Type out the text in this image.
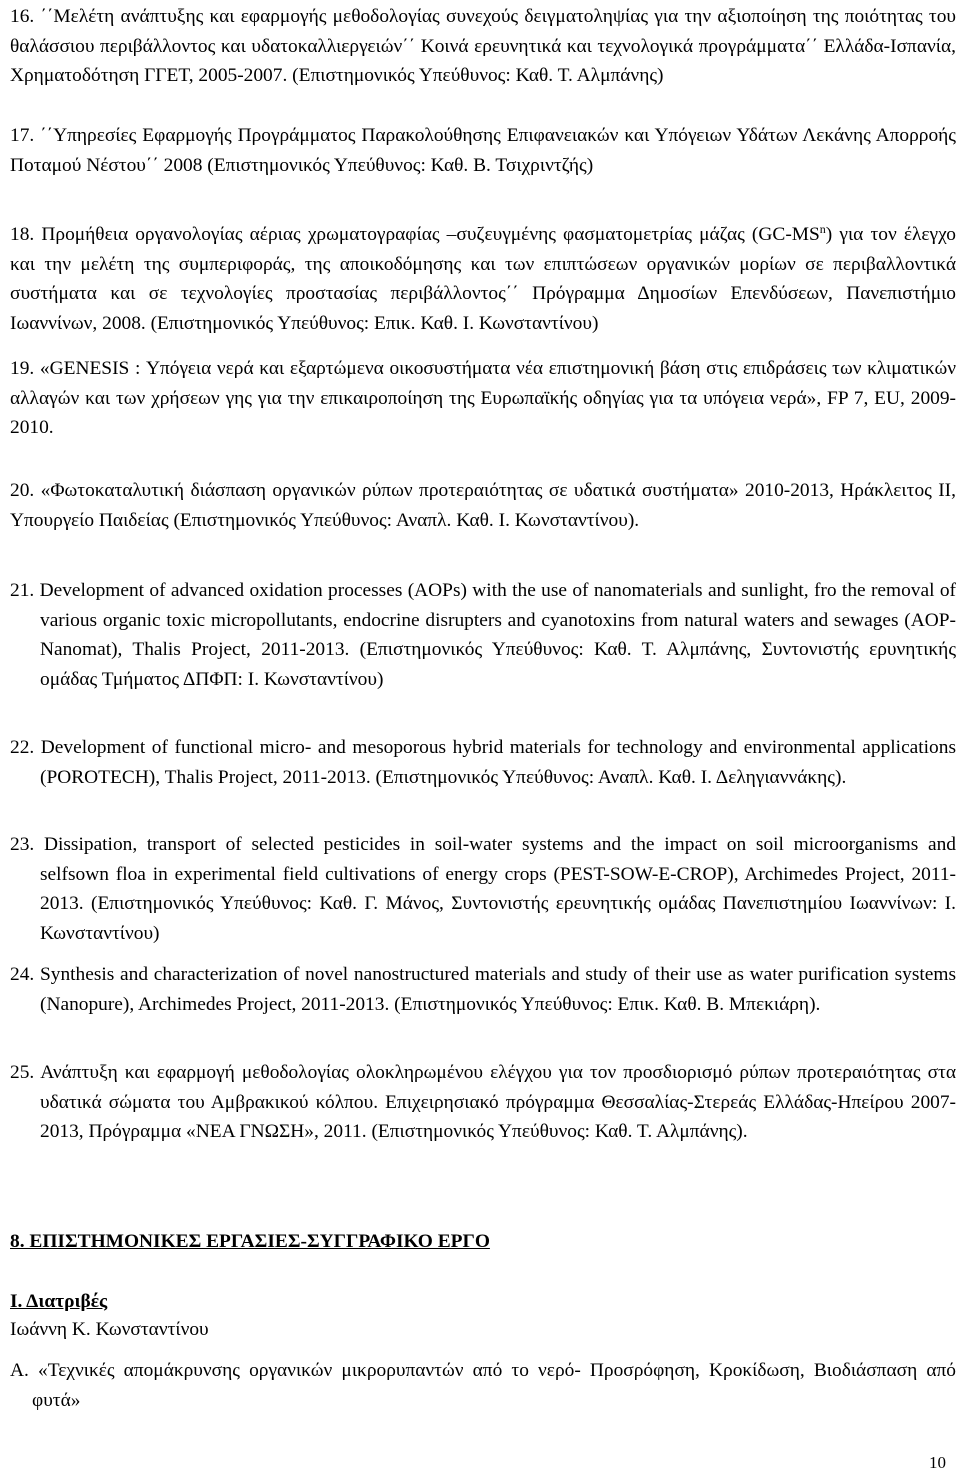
16. ΄΄Μελέτη ανάπτυξης και εφαρμογής μεθοδολογίας συνεχούς δειγματοληψίας για την αξιοποίηση της ποιότητας του θαλάσσιου περιβάλλοντος και υδατοκαλλιεργειών΄΄ Κοινά ερευνητικά και τεχνολογικά προγράμματα΄΄ Ελλάδα-Ισπανία, Χρηματοδότηση ΓΓΕΤ, 2005-2007. (Επιστημονικός Υπεύθυνος: Καθ. Τ. Αλμπάνης)
17. ΄΄Υπηρεσίες Εφαρμογής Προγράμματος Παρακολούθησης Επιφανειακών και Υπόγειων Υδάτων Λεκάνης Απορροής Ποταμού Νέστου΄΄ 2008 (Επιστημονικός Υπεύθυνος: Καθ. Β. Τσιχριντζής)
18. Προμήθεια οργανολογίας αέριας χρωματογραφίας –συζευγμένης φασματομετρίας μάζας $(GC-MS^n)$ για τον έλεγχο και την μελέτη της συμπεριφοράς, της αποικοδόμησης και των επιπτώσεων οργανικών μορίων σε περιβαλλοντικά συστήματα και σε τεχνολογίες προστασίας περιβάλλοντος΄΄ Πρόγραμμα Δημοσίων Επενδύσεων, Πανεπιστήμιο Ιωαννίνων, 2008. (Επιστημονικός Υπεύθυνος: Επικ. Καθ. Ι. Κωνσταντίνου)
19. «GENESIS : Υπόγεια νερά και εξαρτώμενα οικοσυστήματα νέα επιστημονική βάση στις επιδράσεις των κλιματικών αλλαγών και των χρήσεων γης για την επικαιροποίηση της Ευρωπαϊκής οδηγίας για τα υπόγεια νερά», FP 7, EU, 2009-2010.
20. «Φωτοκαταλυτική διάσπαση οργανικών ρύπων προτεραιότητας σε υδατικά συστήματα» 2010-2013, Ηράκλειτος ΙΙ, Υπουργείο Παιδείας (Επιστημονικός Υπεύθυνος: Αναπλ. Καθ. Ι. Κωνσταντίνου).
21. Development of advanced oxidation processes (AOPs) with the use of nanomaterials and sunlight, fro the removal of various organic toxic micropollutants, endocrine disrupters and cyanotoxins from natural waters and sewages (AOP-Nanomat), Thalis Project, 2011-2013. (Επιστημονικός Υπεύθυνος: Καθ. Τ. Αλμπάνης, Συντονιστής ερυνητικής ομάδας Τμήματος ΔΠΦΠ: Ι. Κωνσταντίνου)
22. Development of functional micro- and mesoporous hybrid materials for technology and environmental applications (POROTECH), Thalis Project, 2011-2013. (Επιστημονικός Υπεύθυνος: Αναπλ. Καθ. Ι. Δεληγιαννάκης).
23. Dissipation, transport of selected pesticides in soil-water systems and the impact on soil microorganisms and selfsown floa in experimental field cultivations of energy crops (PEST-SOW-E-CROP), Archimedes Project, 2011-2013. (Επιστημονικός Υπεύθυνος: Καθ. Γ. Μάνος, Συντονιστής ερευνητικής ομάδας Πανεπιστημίου Ιωαννίνων: Ι. Κωνσταντίνου)
24. Synthesis and characterization of novel nanostructured materials and study of their use as water purification systems (Nanopure), Archimedes Project, 2011-2013. (Επιστημονικός Υπεύθυνος: Επικ. Καθ. Β. Μπεκιάρη).
25. Ανάπτυξη και εφαρμογή μεθοδολογίας ολοκληρωμένου ελέγχου για τον προσδιορισμό ρύπων προτεραιότητας στα υδατικά σώματα του Αμβρακικού κόλπου. Επιχειρησιακό πρόγραμμα Θεσσαλίας-Στερεάς Ελλάδας-Ηπείρου 2007-2013, Πρόγραμμα «ΝΕΑ ΓΝΩΣΗ», 2011. (Επιστημονικός Υπεύθυνος: Καθ. Τ. Αλμπάνης).
8. ΕΠΙΣΤΗΜΟΝΙΚΕΣ ΕΡΓΑΣΙΕΣ-ΣΥΓΓΡΑΦΙΚΟ ΕΡΓΟ
Ι. Διατριβές
Ιωάννη Κ. Κωνσταντίνου
Α. «Τεχνικές απομάκρυνσης οργανικών μικρορυπαντών από το νερό- Προσρόφηση, Κροκίδωση, Βιοδιάσπαση από φυτά»
10
